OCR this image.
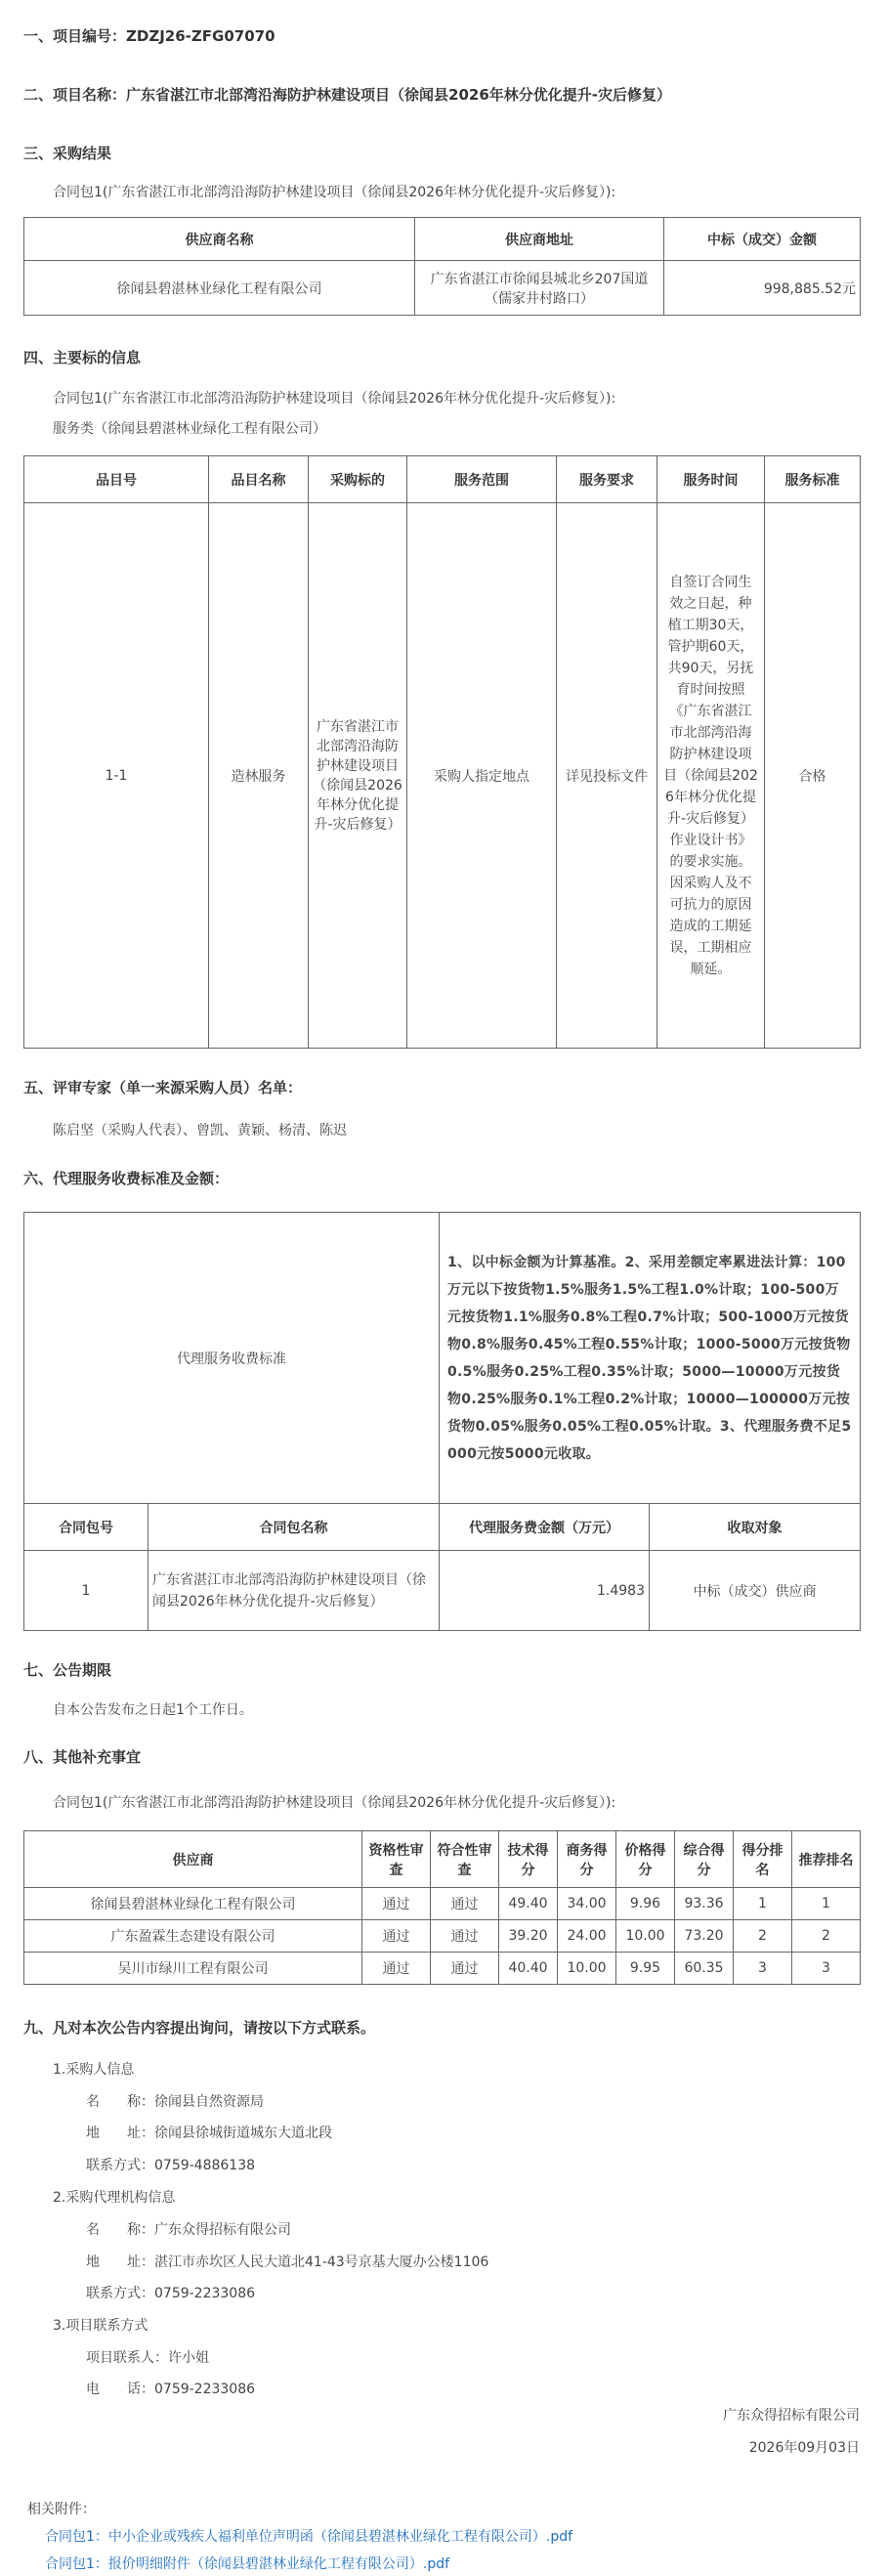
一、项目编号：ZDZJ26-ZFG07070
二、项目名称：广东省湛江市北部湾沿海防护林建设项目（徐闻县2026年林分优化提升-灾后修复）
三、采购结果
合同包1(广东省湛江市北部湾沿海防护林建设项目（徐闻县2026年林分优化提升-灾后修复）):
供应商名称	供应商地址	中标（成交）金额
徐闻县碧湛林业绿化工程有限公司	广东省湛江市徐闻县城北乡207国道（儒家井村路口）	998,885.52元
四、主要标的信息
合同包1(广东省湛江市北部湾沿海防护林建设项目（徐闻县2026年林分优化提升-灾后修复）):
服务类（徐闻县碧湛林业绿化工程有限公司）
品目号	品目名称	采购标的	服务范围	服务要求	服务时间	服务标准
1-1	造林服务	广东省湛江市北部湾沿海防护林建设项目（徐闻县2026年林分优化提升-灾后修复）	采购人指定地点	详见投标文件	自签订合同生效之日起，种植工期30天，管护期60天，共90天，另抚育时间按照《广东省湛江市北部湾沿海防护林建设项目（徐闻县2026年林分优化提升-灾后修复）作业设计书》的要求实施。因采购人及不可抗力的原因造成的工期延误，工期相应顺延。	合格
五、评审专家（单一来源采购人员）名单：
陈启坚（采购人代表）、曾凯、黄颖、杨清、陈迟
六、代理服务收费标准及金额：
代理服务收费标准		1、以中标金额为计算基准。2、采用差额定率累进法计算：100万元以下按货物1.5%服务1.5%工程1.0%计取；100-500万元按货物1.1%服务0.8%工程0.7%计取；500-1000万元按货物0.8%服务0.45%工程0.55%计取；1000-5000万元按货物0.5%服务0.25%工程0.35%计取；5000—10000万元按货物0.25%服务0.1%工程0.2%计取；10000—100000万元按货物0.05%服务0.05%工程0.05%计取。3、代理服务费不足5000元按5000元收取。	
合同包号	合同包名称	代理服务费金额（万元）	收取对象
1	广东省湛江市北部湾沿海防护林建设项目（徐闻县2026年林分优化提升-灾后修复）	1.4983	中标（成交）供应商
七、公告期限
自本公告发布之日起1个工作日。
八、其他补充事宜
合同包1(广东省湛江市北部湾沿海防护林建设项目（徐闻县2026年林分优化提升-灾后修复）):
供应商	资格性审查	符合性审查	技术得分	商务得分	价格得分	综合得分	得分排名	推荐排名
徐闻县碧湛林业绿化工程有限公司	通过	通过	49.40	34.00	9.96	93.36	1	1
广东盈霖生态建设有限公司	通过	通过	39.20	24.00	10.00	73.20	2	2
吴川市绿川工程有限公司	通过	通过	40.40	10.00	9.95	60.35	3	3
九、凡对本次公告内容提出询问，请按以下方式联系。
1.采购人信息
名　　称：徐闻县自然资源局
地　　址：徐闻县徐城街道城东大道北段
联系方式：0759-4886138
2.采购代理机构信息
名　　称：广东众得招标有限公司
地　　址：湛江市赤坎区人民大道北41-43号京基大厦办公楼1106
联系方式：0759-2233086
3.项目联系方式
项目联系人：许小姐
电　　话：0759-2233086
广东众得招标有限公司
2026年09月03日
相关附件：
合同包1：中小企业或残疾人福利单位声明函（徐闻县碧湛林业绿化工程有限公司）.pdf
合同包1：报价明细附件（徐闻县碧湛林业绿化工程有限公司）.pdf
